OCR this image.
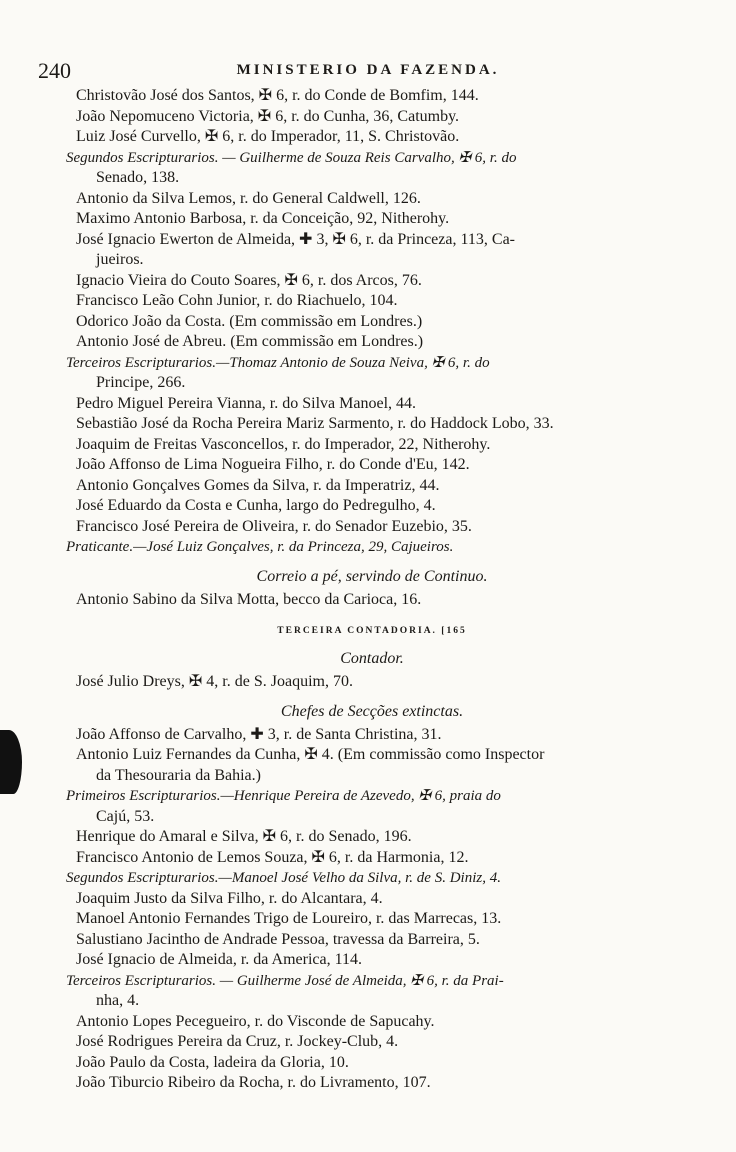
240	MINISTERIO DA FAZENDA.
Christovão José dos Santos, ✠ 6, r. do Conde de Bomfim, 144.
João Nepomuceno Victoria, ✠ 6, r. do Cunha, 36, Catumby.
Luiz José Curvello, ✠ 6, r. do Imperador, 11, S. Christovão.
Segundos Escripturarios. — Guilherme de Souza Reis Carvalho, ✠ 6, r. do
Senado, 138.
Antonio da Silva Lemos, r. do General Caldwell, 126.
Maximo Antonio Barbosa, r. da Conceição, 92, Nitherohy.
José Ignacio Ewerton de Almeida, ✚ 3, ✠ 6, r. da Princeza, 113, Ca-
jueiros.
Ignacio Vieira do Couto Soares, ✠ 6, r. dos Arcos, 76.
Francisco Leão Cohn Junior, r. do Riachuelo, 104.
Odorico João da Costa. (Em commissão em Londres.)
Antonio José de Abreu. (Em commissão em Londres.)
Terceiros Escripturarios.—Thomaz Antonio de Souza Neiva, ✠ 6, r. do
Principe, 266.
Pedro Miguel Pereira Vianna, r. do Silva Manoel, 44.
Sebastião José da Rocha Pereira Mariz Sarmento, r. do Haddock Lobo, 33.
Joaquim de Freitas Vasconcellos, r. do Imperador, 22, Nitherohy.
João Affonso de Lima Nogueira Filho, r. do Conde d'Eu, 142.
Antonio Gonçalves Gomes da Silva, r. da Imperatriz, 44.
José Eduardo da Costa e Cunha, largo do Pedregulho, 4.
Francisco José Pereira de Oliveira, r. do Senador Euzebio, 35.
Praticante.—José Luiz Gonçalves, r. da Princeza, 29, Cajueiros.
Correio a pé, servindo de Continuo.
Antonio Sabino da Silva Motta, becco da Carioca, 16.
TERCEIRA CONTADORIA. [165
Contador.
José Julio Dreys, ✠ 4, r. de S. Joaquim, 70.
Chefes de Secções extinctas.
João Affonso de Carvalho, ✚ 3, r. de Santa Christina, 31.
Antonio Luiz Fernandes da Cunha, ✠ 4. (Em commissão como Inspector
da Thesouraria da Bahia.)
Primeiros Escripturarios.—Henrique Pereira de Azevedo, ✠ 6, praia do
Cajú, 53.
Henrique do Amaral e Silva, ✠ 6, r. do Senado, 196.
Francisco Antonio de Lemos Souza, ✠ 6, r. da Harmonia, 12.
Segundos Escripturarios.—Manoel José Velho da Silva, r. de S. Diniz, 4.
Joaquim Justo da Silva Filho, r. do Alcantara, 4.
Manoel Antonio Fernandes Trigo de Loureiro, r. das Marrecas, 13.
Salustiano Jacintho de Andrade Pessoa, travessa da Barreira, 5.
José Ignacio de Almeida, r. da America, 114.
Terceiros Escripturarios. — Guilherme José de Almeida, ✠ 6, r. da Prai-
nha, 4.
Antonio Lopes Pecegueiro, r. do Visconde de Sapucahy.
José Rodrigues Pereira da Cruz, r. Jockey-Club, 4.
João Paulo da Costa, ladeira da Gloria, 10.
João Tiburcio Ribeiro da Rocha, r. do Livramento, 107.
